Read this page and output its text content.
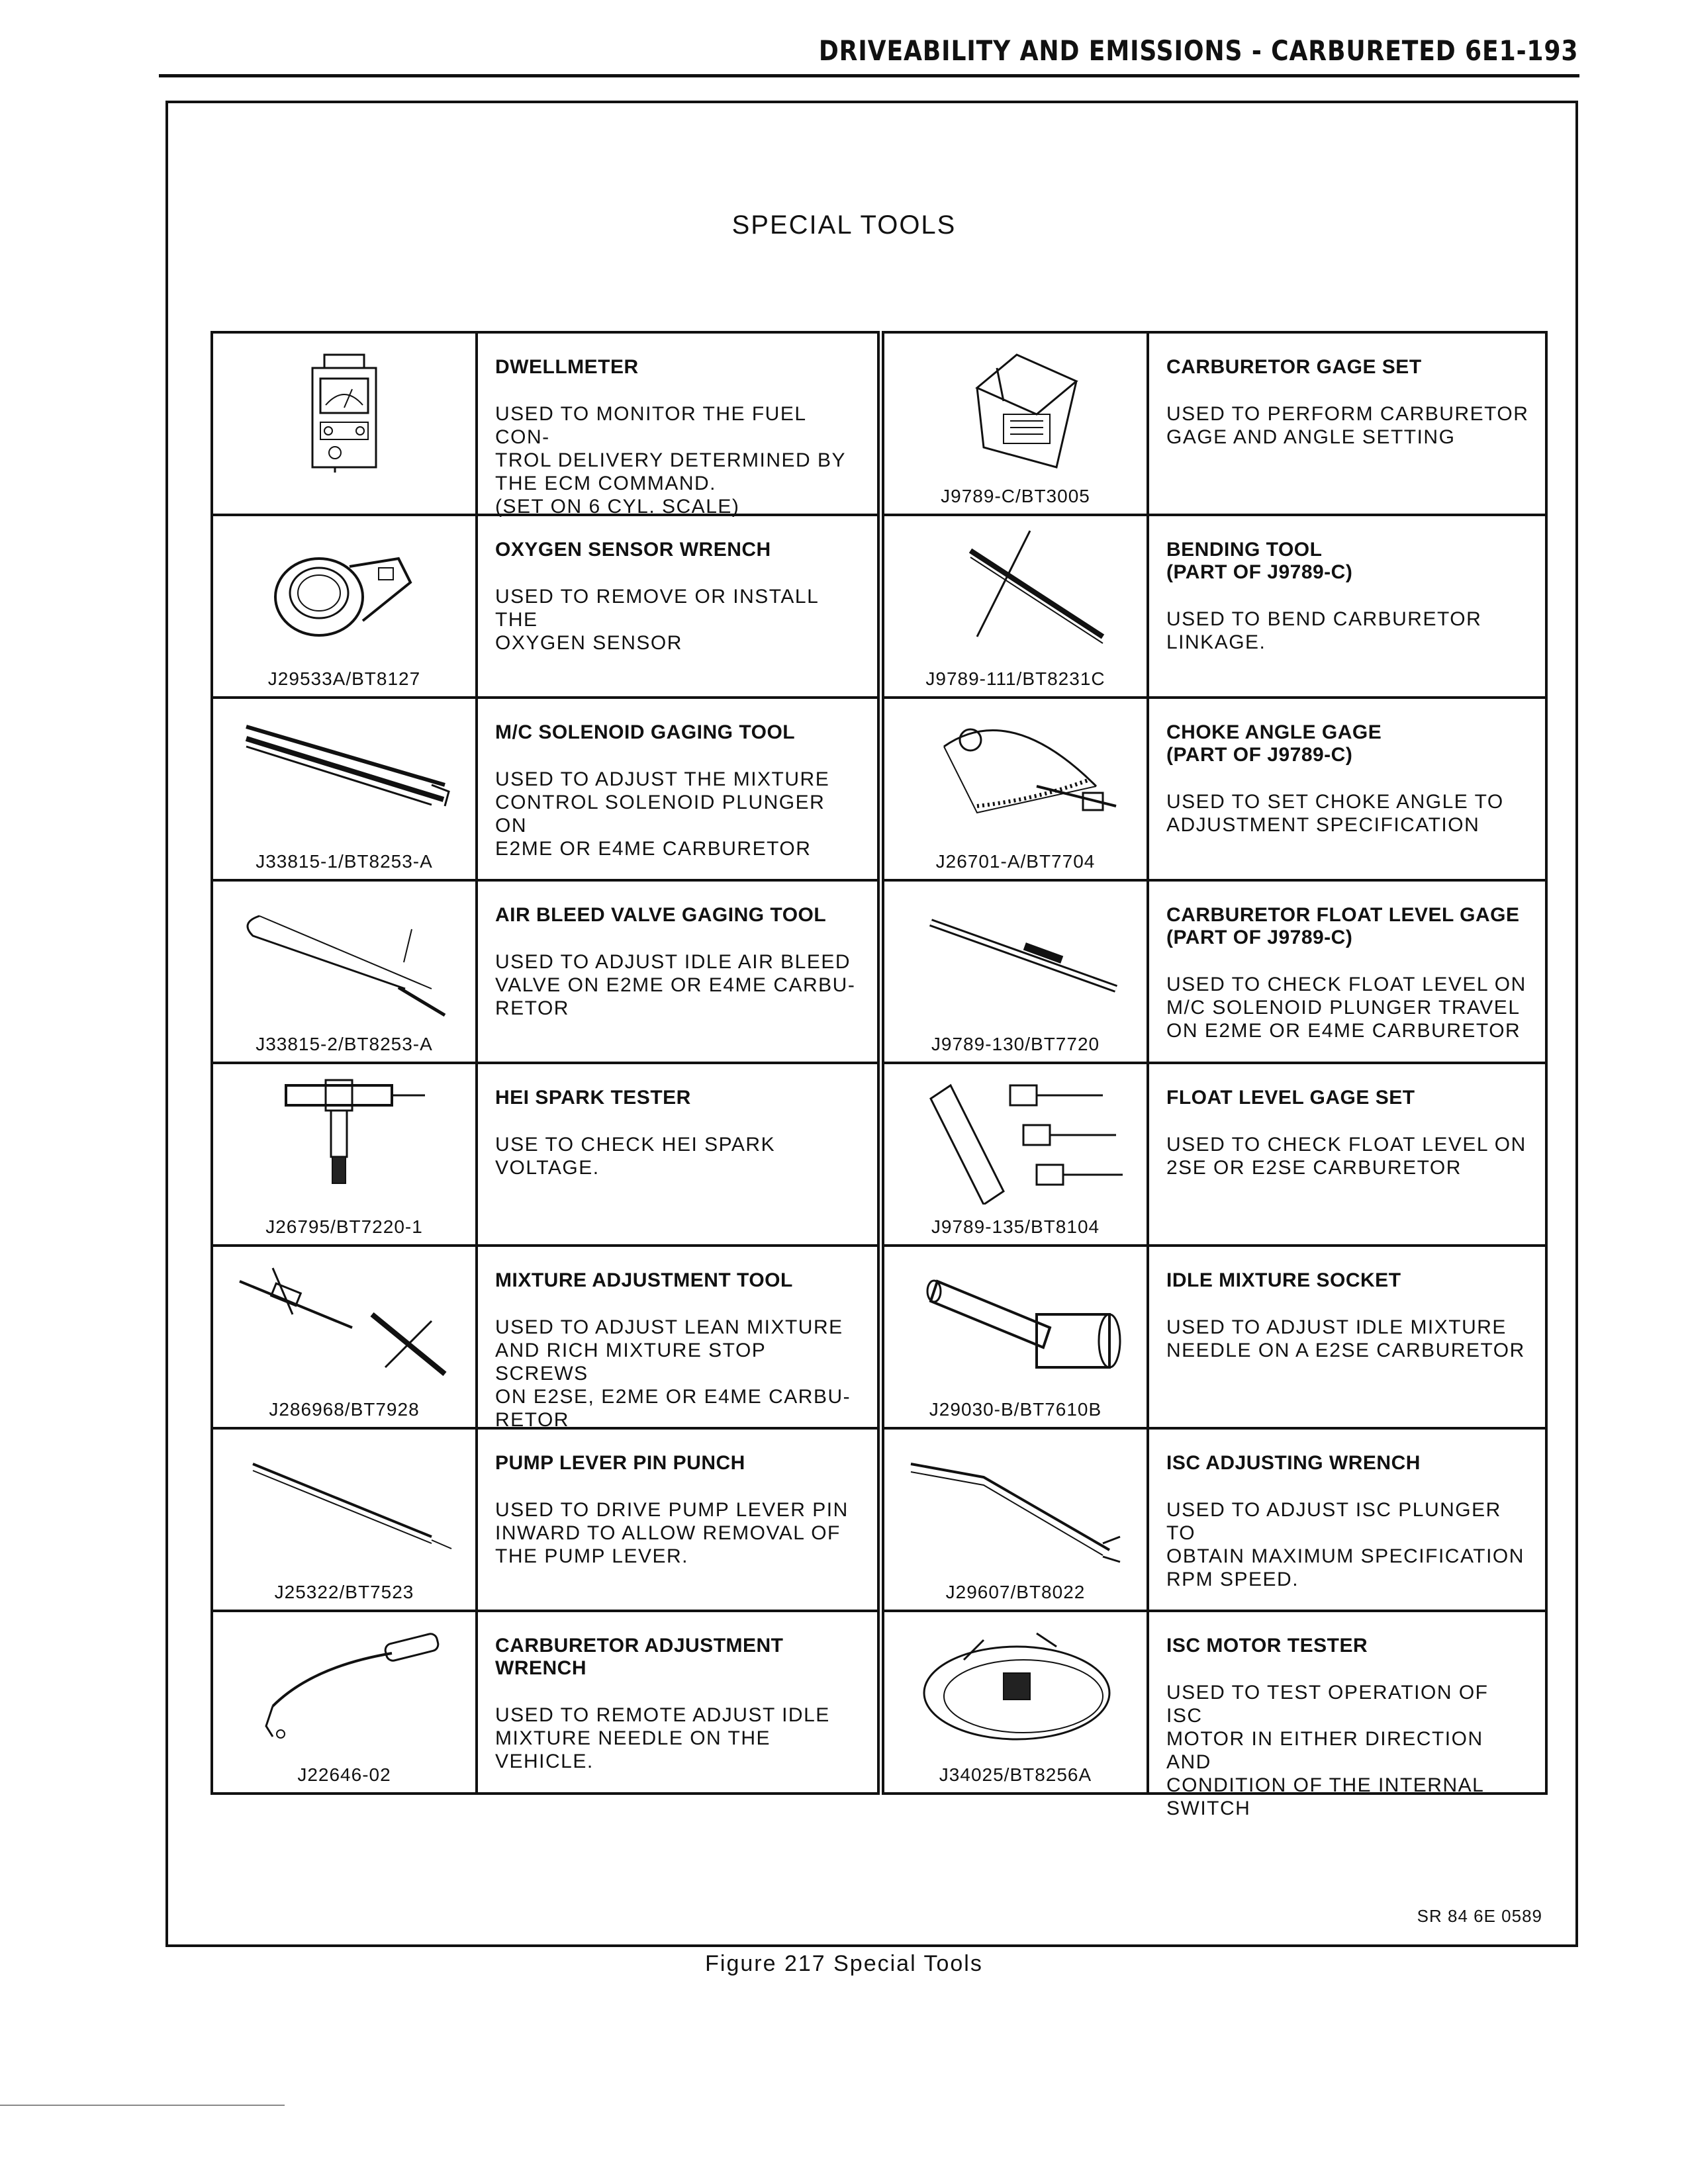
DRIVEABILITY AND EMISSIONS - CARBURETED 6E1-193
SPECIAL TOOLS
DWELLMETER
USED TO MONITOR THE FUEL CON-
TROL DELIVERY DETERMINED BY
THE ECM COMMAND.
(SET ON 6 CYL. SCALE)
J29533A/BT8127
OXYGEN SENSOR WRENCH
USED TO REMOVE OR INSTALL THE
OXYGEN SENSOR
J33815-1/BT8253-A
M/C SOLENOID GAGING TOOL
USED TO ADJUST THE MIXTURE
CONTROL SOLENOID PLUNGER ON
E2ME OR E4ME CARBURETOR
J33815-2/BT8253-A
AIR BLEED VALVE GAGING TOOL
USED TO ADJUST IDLE AIR BLEED
VALVE ON E2ME OR E4ME CARBU-
RETOR
J26795/BT7220-1
HEI SPARK TESTER
USE TO CHECK HEI SPARK
VOLTAGE.
J286968/BT7928
MIXTURE ADJUSTMENT TOOL
USED TO ADJUST LEAN MIXTURE
AND RICH MIXTURE STOP SCREWS
ON E2SE, E2ME OR E4ME CARBU-
RETOR
J25322/BT7523
PUMP LEVER PIN PUNCH
USED TO DRIVE PUMP LEVER PIN
INWARD TO ALLOW REMOVAL OF
THE PUMP LEVER.
J22646-02
CARBURETOR ADJUSTMENT
WRENCH
USED TO REMOTE ADJUST IDLE
MIXTURE NEEDLE ON THE
VEHICLE.
J9789-C/BT3005
CARBURETOR GAGE SET
USED TO PERFORM CARBURETOR
GAGE AND ANGLE SETTING
J9789-111/BT8231C
BENDING TOOL
(PART OF J9789-C)
USED TO BEND CARBURETOR
LINKAGE.
J26701-A/BT7704
CHOKE ANGLE GAGE
(PART OF J9789-C)
USED TO SET CHOKE ANGLE TO
ADJUSTMENT SPECIFICATION
J9789-130/BT7720
CARBURETOR FLOAT LEVEL GAGE
(PART OF J9789-C)
USED TO CHECK FLOAT LEVEL ON
M/C SOLENOID PLUNGER TRAVEL
ON E2ME OR E4ME CARBURETOR
J9789-135/BT8104
FLOAT LEVEL GAGE SET
USED TO CHECK FLOAT LEVEL ON
2SE OR E2SE CARBURETOR
J29030-B/BT7610B
IDLE MIXTURE SOCKET
USED TO ADJUST IDLE MIXTURE
NEEDLE ON A E2SE CARBURETOR
J29607/BT8022
ISC ADJUSTING WRENCH
USED TO ADJUST ISC PLUNGER TO
OBTAIN MAXIMUM SPECIFICATION
RPM SPEED.
J34025/BT8256A
ISC MOTOR TESTER
USED TO TEST OPERATION OF ISC
MOTOR IN EITHER DIRECTION AND
CONDITION OF THE INTERNAL
SWITCH
SR 84 6E 0589
Figure 217 Special Tools
